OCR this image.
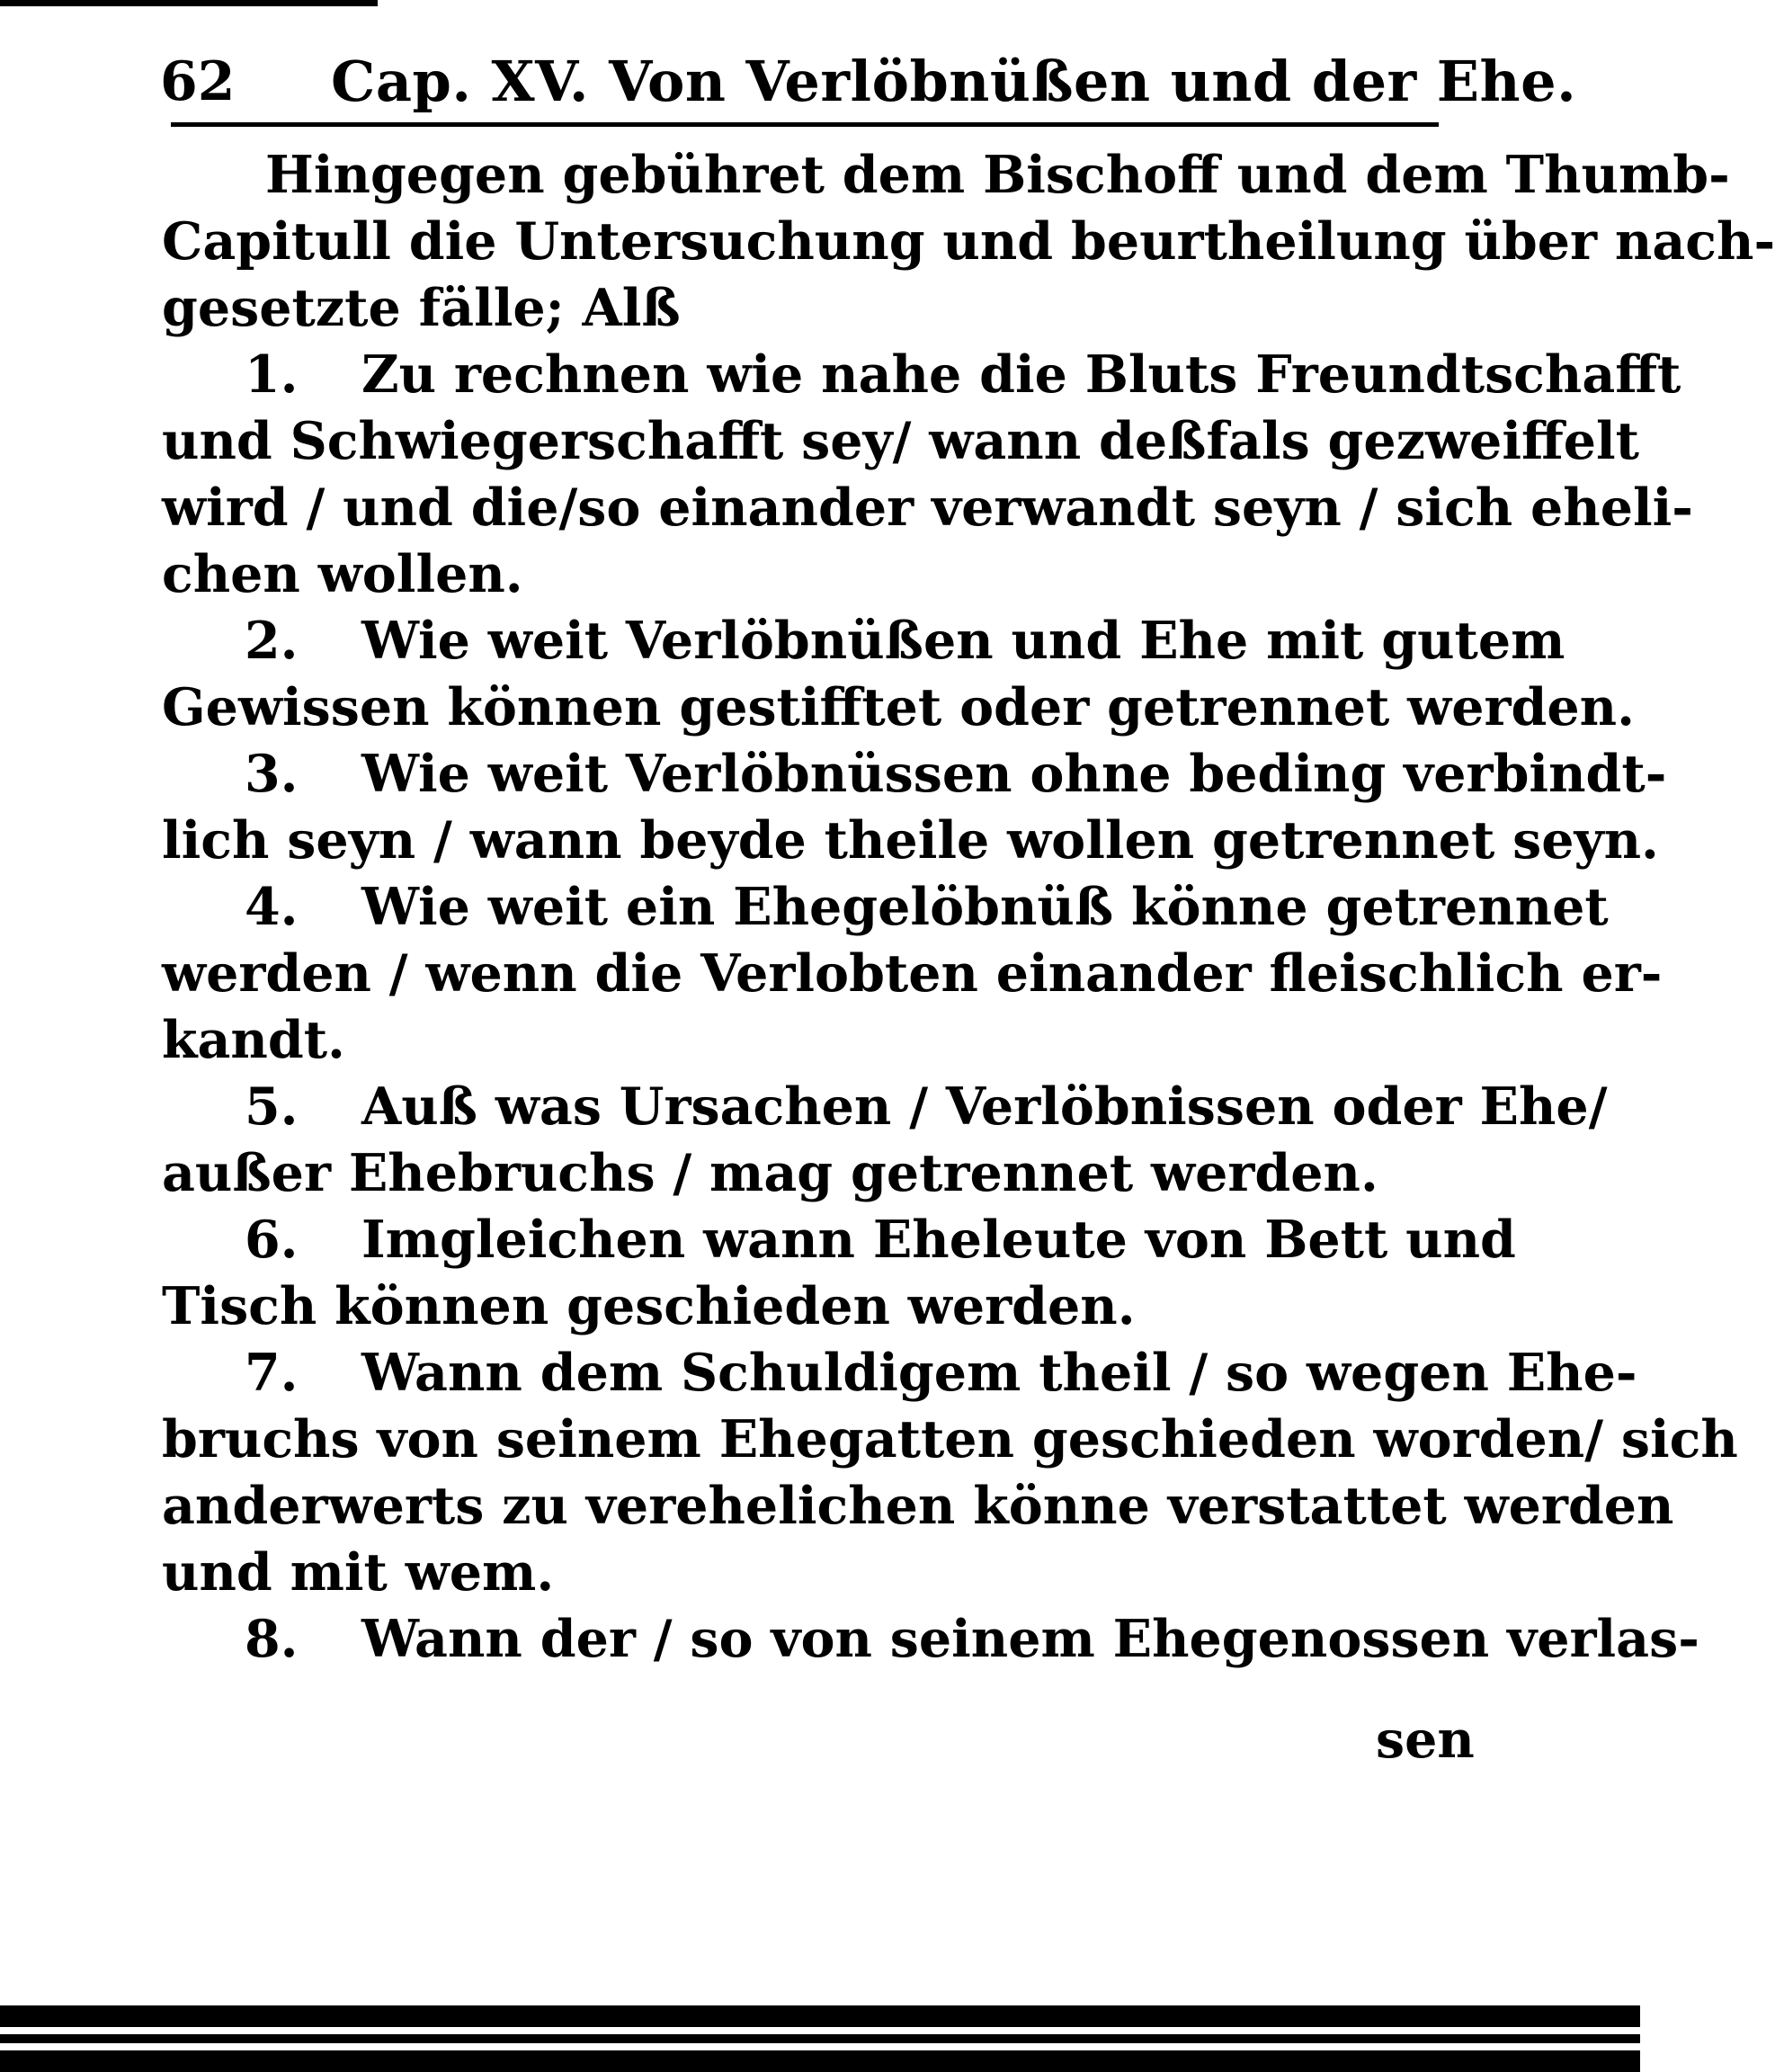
62 Cap. XV. Von Verlöbnüßen und der Ehe.
Hingegen gebühret dem Bischoff und dem Thumb-
Capitull die Untersuchung und beurtheilung über nach-
gesetzte fälle; Alß
1. Zu rechnen wie nahe die Bluts Freundtschafft
und Schwiegerschafft sey/ wann deßfals gezweiffelt
wird / und die/so einander verwandt seyn / sich eheli-
chen wollen.
2. Wie weit Verlöbnüßen und Ehe mit gutem
Gewissen können gestifftet oder getrennet werden.
3. Wie weit Verlöbnüssen ohne beding verbindt-
lich seyn / wann beyde theile wollen getrennet seyn.
4. Wie weit ein Ehegelöbnüß könne getrennet
werden / wenn die Verlobten einander fleischlich er-
kandt.
5. Auß was Ursachen / Verlöbnissen oder Ehe/
außer Ehebruchs / mag getrennet werden.
6. Imgleichen wann Eheleute von Bett und
Tisch können geschieden werden.
7. Wann dem Schuldigem theil / so wegen Ehe-
bruchs von seinem Ehegatten geschieden worden/ sich
anderwerts zu verehelichen könne verstattet werden
und mit wem.
8. Wann der / so von seinem Ehegenossen verlas-
sen
